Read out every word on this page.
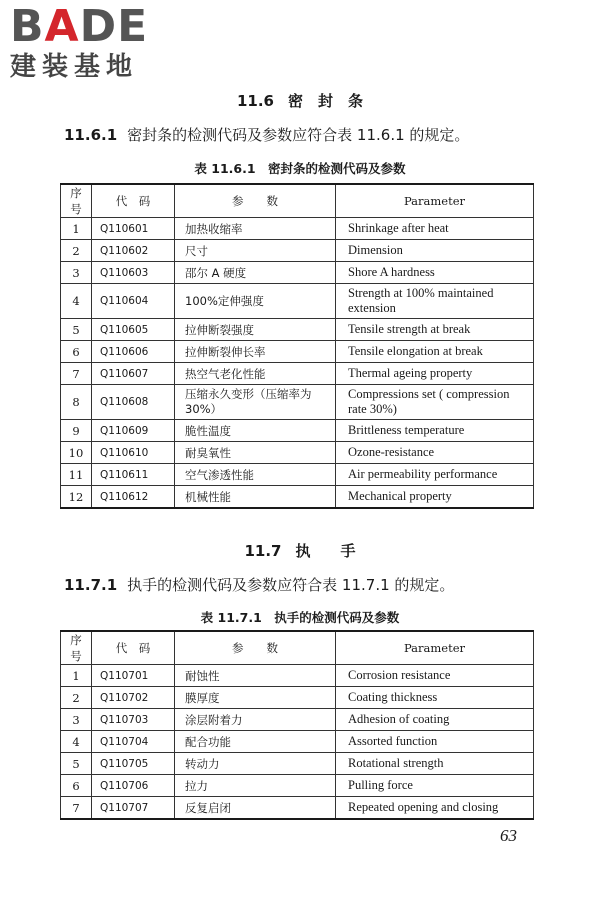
BADE
建装基地
11.6 密　封　条
11.6.1 密封条的检测代码及参数应符合表 11.6.1 的规定。
表 11.6.1　密封条的检测代码及参数
序号	代　码	参　　数	Parameter
1	Q110601	加热收缩率	Shrinkage after heat
2	Q110602	尺寸	Dimension
3	Q110603	邵尔 A 硬度	Shore A hardness
4	Q110604	100%定伸强度	Strength at 100% maintained extension
5	Q110605	拉伸断裂强度	Tensile strength at break
6	Q110606	拉伸断裂伸长率	Tensile elongation at break
7	Q110607	热空气老化性能	Thermal ageing property
8	Q110608	压缩永久变形（压缩率为 30%）	Compressions set ( compression rate 30%)
9	Q110609	脆性温度	Brittleness temperature
10	Q110610	耐臭氧性	Ozone-resistance
11	Q110611	空气渗透性能	Air permeability performance
12	Q110612	机械性能	Mechanical property
11.7 执　　手
11.7.1 执手的检测代码及参数应符合表 11.7.1 的规定。
表 11.7.1　执手的检测代码及参数
序号	代　码	参　　数	Parameter
1	Q110701	耐蚀性	Corrosion resistance
2	Q110702	膜厚度	Coating thickness
3	Q110703	涂层附着力	Adhesion of coating
4	Q110704	配合功能	Assorted function
5	Q110705	转动力	Rotational strength
6	Q110706	拉力	Pulling force
7	Q110707	反复启闭	Repeated opening and closing
63
